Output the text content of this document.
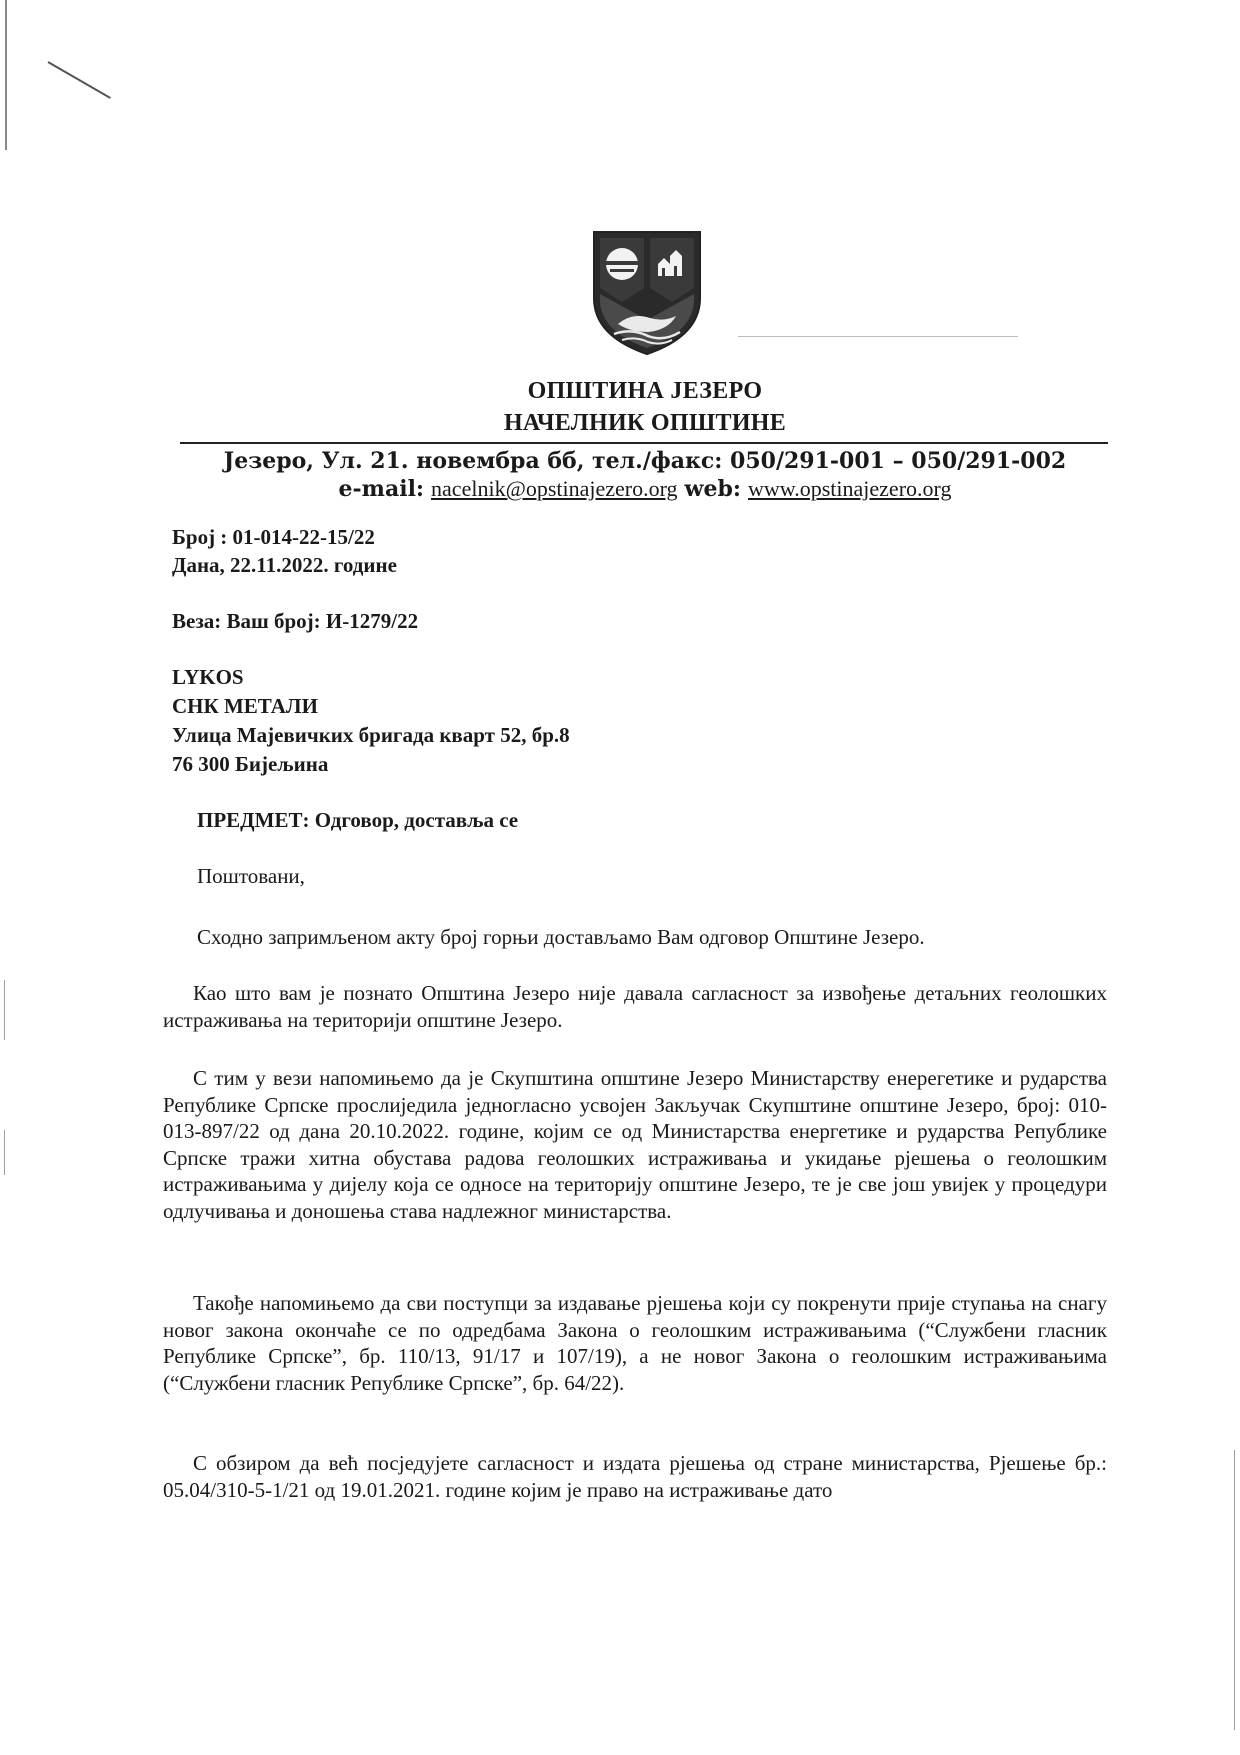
ОПШТИНА ЈЕЗЕРО
НАЧЕЛНИК ОПШТИНЕ
Језеро, Ул. 21. новембра бб, тел./факс: 050/291-001 – 050/291-002
e-mail: nacelnik@opstinajezero.org web: www.opstinajezero.org
Број : 01-014-22-15/22
Дана, 22.11.2022. године
Веза: Ваш број: И-1279/22
LYKOS
СНК МЕТАЛИ
Улица Мајевичких бригада кварт 52, бр.8
76 300 Бијељина
ПРЕДМЕТ: Одговор, доставља се
Поштовани,
Сходно запримљеном акту број горњи достављамо Вам одговор Општине Језеро.
Као што вам је познато Општина Језеро није давала сагласност за извођење детаљних геолошких истраживања на територији општине Језеро.
С тим у вези напомињемо да је Скупштина општине Језеро Министарству енерегетике и рударства Републике Српске прослиједила једногласно усвојен Закључак Скупштине општине Језеро, број: 010-013-897/22 од дана 20.10.2022. године, којим се од Министарства енергетике и рударства Републике Српске тражи хитна обустава радова геолошких истраживања и укидање рјешења о геолошким истраживањима у дијелу која се односе на територију општине Језеро, те је све још увијек у процедури одлучивања и доношења става надлежног министарства.
Такође напомињемо да сви поступци за издавање рјешења који су покренути прије ступања на снагу новог закона окончаће се по одредбама Закона о геолошким истраживањима (“Службени гласник Републике Српске”, бр. 110/13, 91/17 и 107/19), а не новог Закона о геолошким истраживањима (“Службени гласник Републике Српске”, бр. 64/22).
С обзиром да већ посједујете сагласност и издата рјешења од стране министарства, Рјешење бр.: 05.04/310-5-1/21 од 19.01.2021. године којим је право на истраживање дато
